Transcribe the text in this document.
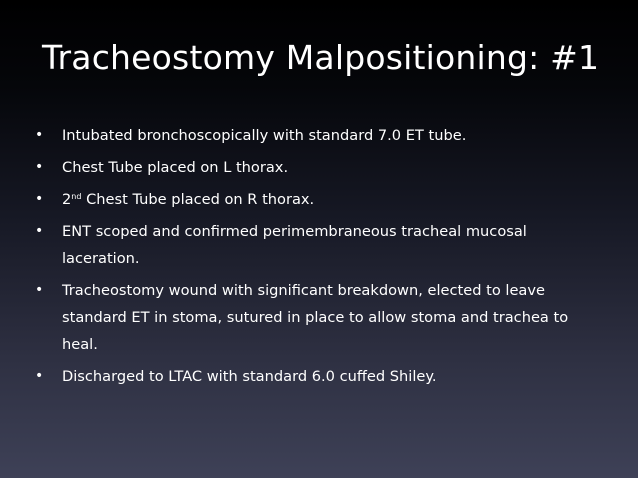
Tracheostomy Malpositioning: #1
• Intubated bronchoscopically with standard 7.0 ET tube.
• Chest Tube placed on L thorax.
• 2nd Chest Tube placed on R thorax.
• ENT scoped and confirmed perimembraneous tracheal mucosal laceration.
• Tracheostomy wound with significant breakdown, elected to leave standard ET in stoma, sutured in place to allow stoma and trachea to heal.
• Discharged to LTAC with standard 6.0 cuffed Shiley.
